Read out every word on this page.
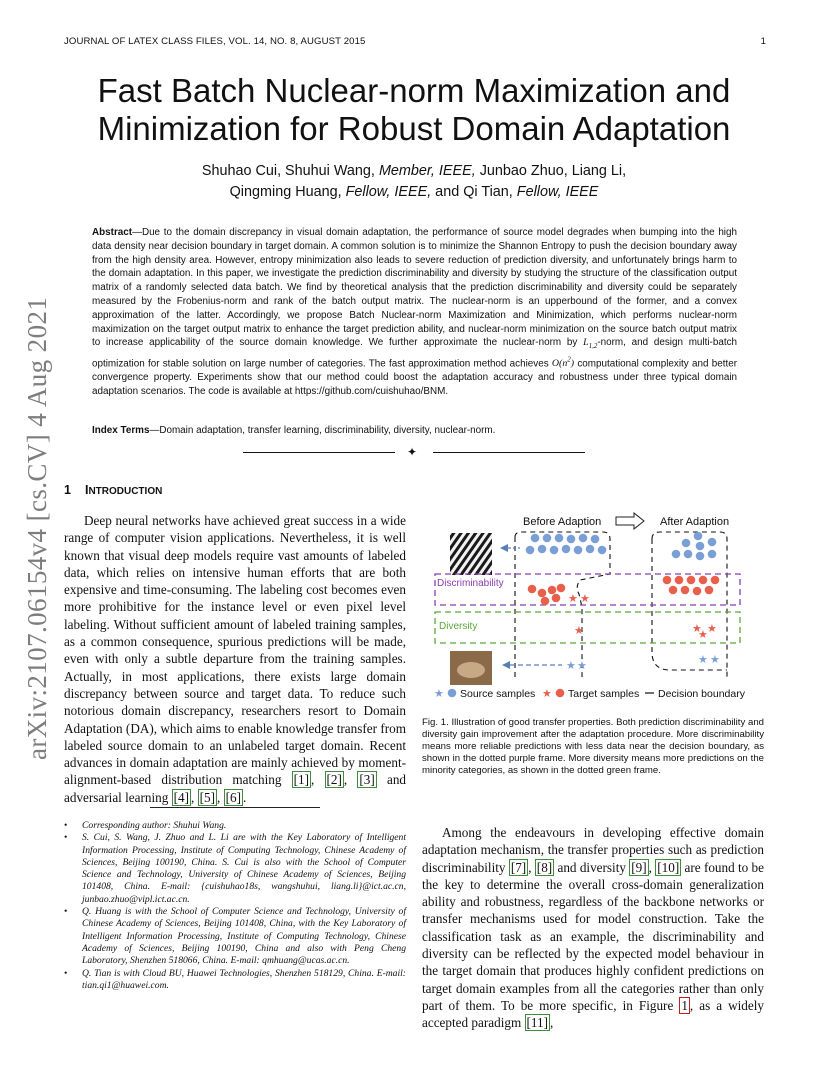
JOURNAL OF LATEX CLASS FILES, VOL. 14, NO. 8, AUGUST 2015	1
arXiv:2107.06154v4 [cs.CV] 4 Aug 2021
Fast Batch Nuclear-norm Maximization and
Minimization for Robust Domain Adaptation
Shuhao Cui, Shuhui Wang, Member, IEEE, Junbao Zhuo, Liang Li,
Qingming Huang, Fellow, IEEE, and Qi Tian, Fellow, IEEE
Abstract—Due to the domain discrepancy in visual domain adaptation, the performance of source model degrades when bumping into the high data density near decision boundary in target domain. A common solution is to minimize the Shannon Entropy to push the decision boundary away from the high density area. However, entropy minimization also leads to severe reduction of prediction diversity, and unfortunately brings harm to the domain adaptation. In this paper, we investigate the prediction discriminability and diversity by studying the structure of the classification output matrix of a randomly selected data batch. We find by theoretical analysis that the prediction discriminability and diversity could be separately measured by the Frobenius-norm and rank of the batch output matrix. The nuclear-norm is an upperbound of the former, and a convex approximation of the latter. Accordingly, we propose Batch Nuclear-norm Maximization and Minimization, which performs nuclear-norm maximization on the target output matrix to enhance the target prediction ability, and nuclear-norm minimization on the source batch output matrix to increase applicability of the source domain knowledge. We further approximate the nuclear-norm by $L_{1,2}$-norm, and design multi-batch optimization for stable solution on large number of categories. The fast approximation method achieves $O(n^2)$ computational complexity and better convergence property. Experiments show that our method could boost the adaptation accuracy and robustness under three typical domain adaptation scenarios. The code is available at https://github.com/cuishuhao/BNM.
Index Terms—Domain adaptation, transfer learning, discriminability, diversity, nuclear-norm.
✦
1 INTRODUCTION
Deep neural networks have achieved great success in a wide range of computer vision applications. Nevertheless, it is well known that visual deep models require vast amounts of labeled data, which relies on intensive human efforts that are both expensive and time-consuming. The labeling cost becomes even more prohibitive for the instance level or even pixel level labeling. Without sufficient amount of labeled training samples, as a common consequence, spurious predictions will be made, even with only a subtle departure from the training samples. Actually, in most applications, there exists large domain discrepancy between source and target data. To reduce such notorious domain discrepancy, researchers resort to Domain Adaptation (DA), which aims to enable knowledge transfer from labeled source domain to an unlabeled target domain. Recent advances in domain adaptation are mainly achieved by moment-alignment-based distribution matching [1] , [2] , [3] and adversarial learning [4] , [5] , [6] .
• Corresponding author: Shuhui Wang.
• S. Cui, S. Wang, J. Zhuo and L. Li are with the Key Laboratory of Intelligent Information Processing, Institute of Computing Technology, Chinese Academy of Sciences, Beijing 100190, China. S. Cui is also with the School of Computer Science and Technology, University of Chinese Academy of Sciences, Beijing 101408, China. E-mail: {cuishuhao18s, wangshuhui, liang.li}@ict.ac.cn, junbao.zhuo@vipl.ict.ac.cn.
• Q. Huang is with the School of Computer Science and Technology, University of Chinese Academy of Sciences, Beijing 101408, China, with the Key Laboratory of Intelligent Information Processing, Institute of Computing Technology, Chinese Academy of Sciences, Beijing 100190, China and also with Peng Cheng Laboratory, Shenzhen 518066, China. E-mail: qmhuang@ucas.ac.cn.
• Q. Tian is with Cloud BU, Huawei Technologies, Shenzhen 518129, China. E-mail: tian.qi1@huawei.com.
Before Adaption	After Adaption
Discriminability
★ ★
Diversity	★	★
★ ★
★ ★	★ ★
★ Source samples ★ Target samples Decision boundary
Fig. 1. Illustration of good transfer properties. Both prediction discriminability and diversity gain improvement after the adaptation procedure. More discriminability means more reliable predictions with less data near the decision boundary, as shown in the dotted purple frame. More diversity means more predictions on the minority categories, as shown in the dotted green frame.
Among the endeavours in developing effective domain adaptation mechanism, the transfer properties such as prediction discriminability [7] , [8] and diversity [9] , [10] are found to be the key to determine the overall cross-domain generalization ability and robustness, regardless of the backbone networks or transfer mechanisms used for model construction. Take the classification task as an example, the discriminability and diversity can be reflected by the expected model behaviour in the target domain that produces highly confident predictions on target domain examples from all the categories rather than only part of them. To be more specific, in Figure 1 , as a widely accepted paradigm [11] ,
